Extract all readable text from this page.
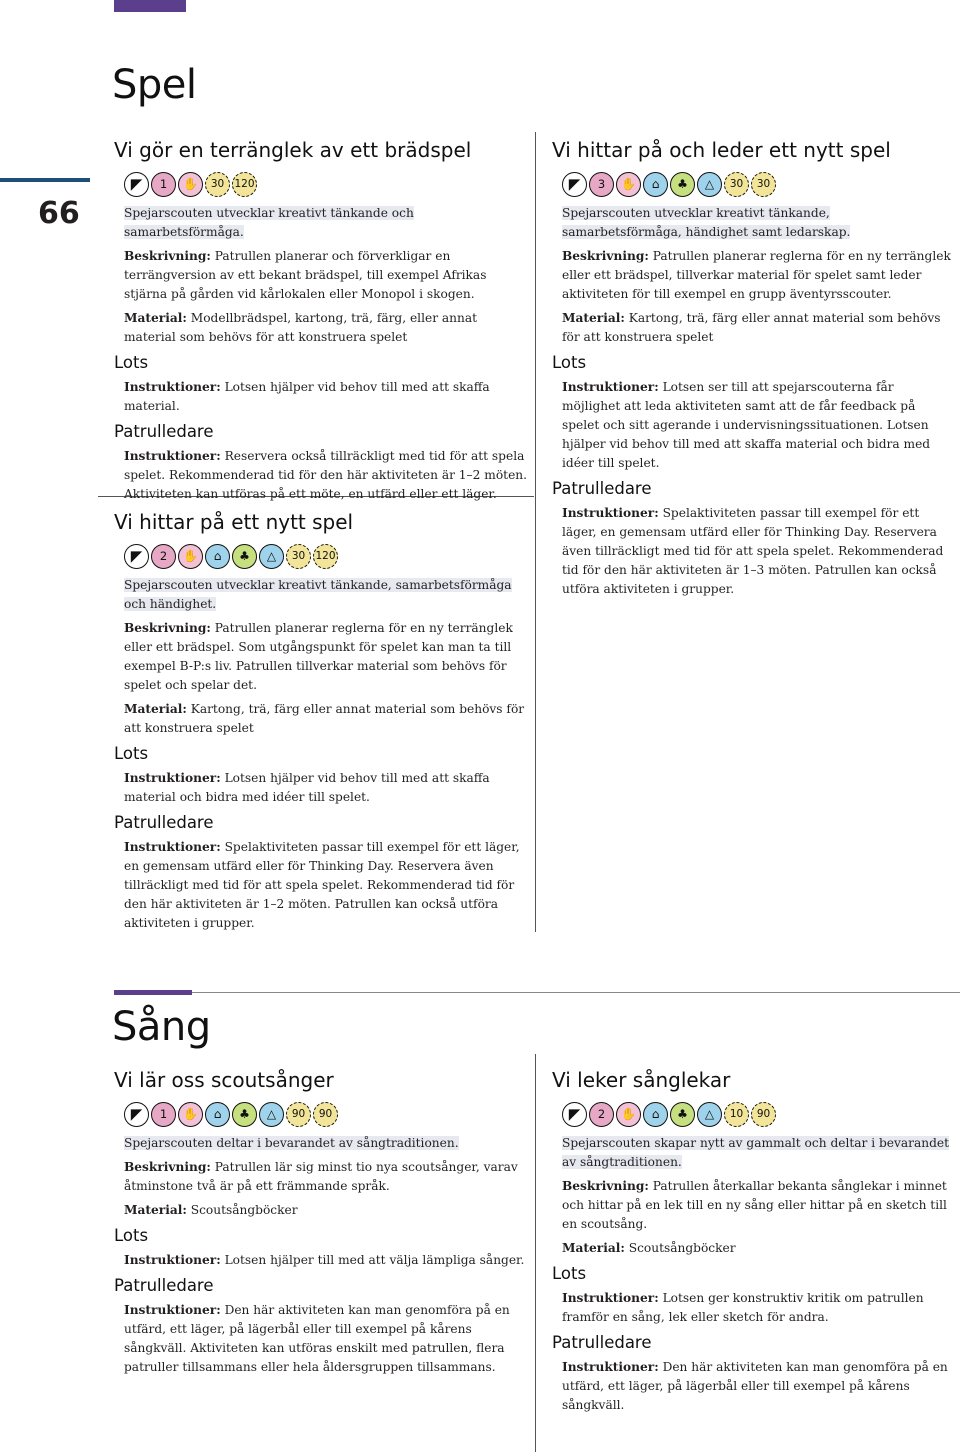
66
Spel
Vi gör en terränglek av ett brädspel
◤	1	✋	30 120
Spejarscouten utvecklar kreativt tänkande och samarbetsförmåga.

Beskrivning: Patrullen planerar och förverkligar en terrängversion av ett bekant brädspel, till exempel Afrikas stjärna på gården vid kårlokalen eller Monopol i skogen.

Material: Modellbrädspel, kartong, trä, färg, eller annat material som behövs för att konstruera spelet

Lots

Instruktioner: Lotsen hjälper vid behov till med att skaffa material.

Patrulledare

Instruktioner: Reservera också tillräckligt med tid för att spela spelet. Rekommenderad tid för den här aktiviteten är 1–2 möten. Aktiviteten kan utföras på ett möte, en utfärd eller ett läger.

Vi hittar på ett nytt spel
◤	2	✋	⌂	♣	△	30 120
Spejarscouten utvecklar kreativt tänkande, samarbetsförmåga och händighet.

Beskrivning: Patrullen planerar reglerna för en ny terränglek eller ett brädspel. Som utgångspunkt för spelet kan man ta till exempel B-P:s liv. Patrullen tillverkar material som behövs för spelet och spelar det.

Material: Kartong, trä, färg eller annat material som behövs för att konstruera spelet

Lots

Instruktioner: Lotsen hjälper vid behov till med att skaffa material och bidra med idéer till spelet.

Patrulledare

Instruktioner: Spelaktiviteten passar till exempel för ett läger, en gemensam utfärd eller för Thinking Day. Reservera även tillräckligt med tid för att spela spelet. Rekommenderad tid för den här aktiviteten är 1–2 möten. Patrullen kan också utföra aktiviteten i grupper.

Vi hittar på och leder ett nytt spel
◤	3	✋	⌂	♣	△	30	30
Spejarscouten utvecklar kreativt tänkande, samarbetsförmåga, händighet samt ledarskap.

Beskrivning: Patrullen planerar reglerna för en ny terränglek eller ett brädspel, tillverkar material för spelet samt leder aktiviteten för till exempel en grupp äventyrsscouter.

Material: Kartong, trä, färg eller annat material som behövs för att konstruera spelet

Lots

Instruktioner: Lotsen ser till att spejarscouterna får möjlighet att leda aktiviteten samt att de får feedback på spelet och sitt agerande i undervisningssituationen. Lotsen hjälper vid behov till med att skaffa material och bidra med idéer till spelet.

Patrulledare

Instruktioner: Spelaktiviteten passar till exempel för ett läger, en gemensam utfärd eller för Thinking Day. Reservera även tillräckligt med tid för att spela spelet. Rekommenderad tid för den här aktiviteten är 1–3 möten. Patrullen kan också utföra aktiviteten i grupper.

Sång
Vi lär oss scoutsånger
◤	1	✋	⌂	♣	△	90	90
Spejarscouten deltar i bevarandet av sångtraditionen.

Beskrivning: Patrullen lär sig minst tio nya scoutsånger, varav åtminstone två är på ett främmande språk.

Material: Scoutsångböcker

Lots

Instruktioner: Lotsen hjälper till med att välja lämpliga sånger.

Patrulledare

Instruktioner: Den här aktiviteten kan man genomföra på en utfärd, ett läger, på lägerbål eller till exempel på kårens sångkväll. Aktiviteten kan utföras enskilt med patrullen, flera patruller tillsammans eller hela åldersgruppen tillsammans.

Vi leker sånglekar
◤	2	✋	⌂	♣	△	10	90
Spejarscouten skapar nytt av gammalt och deltar i bevarandet av sångtraditionen.

Beskrivning: Patrullen återkallar bekanta sånglekar i minnet och hittar på en lek till en ny sång eller hittar på en sketch till en scoutsång.

Material: Scoutsångböcker

Lots

Instruktioner: Lotsen ger konstruktiv kritik om patrullen framför en sång, lek eller sketch för andra.

Patrulledare

Instruktioner: Den här aktiviteten kan man genomföra på en utfärd, ett läger, på lägerbål eller till exempel på kårens sångkväll.
